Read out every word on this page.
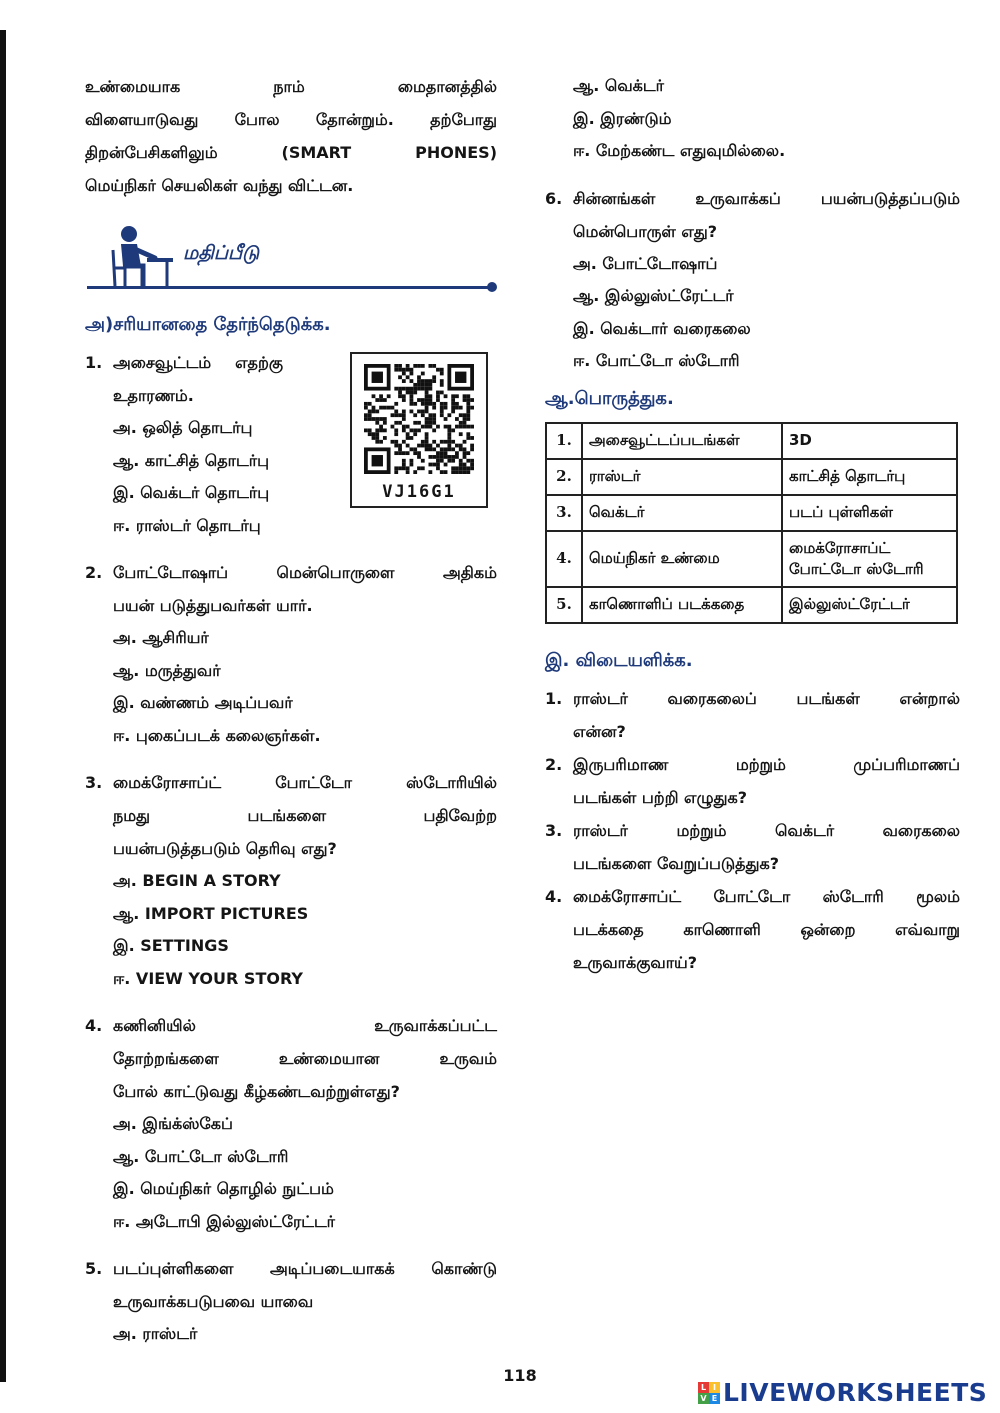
உண்மையாக நாம் மைதானத்தில்
விளையாடுவது போல தோன்றும். தற்போது
திறன்பேசிகளிலும் (SMART PHONES)
மெய்நிகர் செயலிகள் வந்து விட்டன.

மதிப்பீடு
அ)சரியானதை தேர்ந்தெடுக்க.
1. அசைவூட்டம் எதற்கு
உதாரணம்.
அ. ஒலித் தொடர்பு
ஆ. காட்சித் தொடர்பு
இ. வெக்டர் தொடர்பு
ஈ. ராஸ்டர் தொடர்பு
2. போட்டோஷாப் மென்பொருளை அதிகம்
பயன் படுத்துபவர்கள் யார்.
அ. ஆசிரியர்
ஆ. மருத்துவர்
இ. வண்ணம் அடிப்பவர்
ஈ. புகைப்படக் கலைஞர்கள்.
3. மைக்ரோசாப்ட் போட்டோ ஸ்டோரியில்
நமது படங்களை பதிவேற்ற
பயன்படுத்தபடும் தெரிவு எது?
அ. BEGIN A STORY
ஆ. IMPORT PICTURES
இ. SETTINGS
ஈ. VIEW YOUR STORY
4. கணினியில் உருவாக்கப்பட்ட
தோற்றங்களை உண்மையான உருவம்
போல் காட்டுவது கீழ்கண்டவற்றுள்எது?
அ. இங்க்ஸ்கேப்
ஆ. போட்டோ ஸ்டோரி
இ. மெய்நிகர் தொழில் நுட்பம்
ஈ. அடோபி இல்லுஸ்ட்ரேட்டர்
5. படப்புள்ளிகளை அடிப்படையாகக் கொண்டு
உருவாக்கபடுபவை யாவை
அ. ராஸ்டர்
VJ16G1
ஆ. வெக்டர்
இ. இரண்டும்
ஈ. மேற்கண்ட எதுவுமில்லை.
6. சின்னங்கள் உருவாக்கப் பயன்படுத்தப்படும்
மென்பொருள் எது?
அ. போட்டோஷாப்
ஆ. இல்லுஸ்ட்ரேட்டர்
இ. வெக்டார் வரைகலை
ஈ. போட்டோ ஸ்டோரி
ஆ.பொருத்துக.
1.	அசைவூட்டப்படங்கள்	3D
2.	ராஸ்டர்	காட்சித் தொடர்பு
3.	வெக்டர்	படப் புள்ளிகள்
4.	மெய்நிகர் உண்மை	மைக்ரோசாப்ட் போட்டோ ஸ்டோரி
5.	காணொளிப் படக்கதை	இல்லுஸ்ட்ரேட்டர்
இ. விடையளிக்க.
1. ராஸ்டர் வரைகலைப் படங்கள் என்றால்
என்ன?
2. இருபரிமாண மற்றும் முப்பரிமாணப்
படங்கள் பற்றி எழுதுக?
3. ராஸ்டர் மற்றும் வெக்டர் வரைகலை
படங்களை வேறுப்படுத்துக?
4. மைக்ரோசாப்ட் போட்டோ ஸ்டோரி மூலம்
படக்கதை காணொளி ஒன்றை எவ்வாறு
உருவாக்குவாய்?
118
L I
V E LIVEWORKSHEETS
